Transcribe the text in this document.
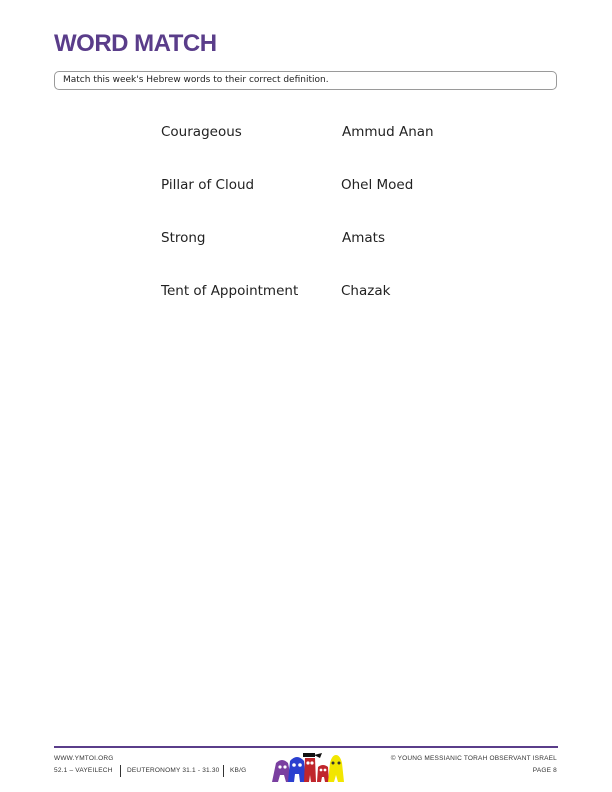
WORD MATCH
Match this week's Hebrew words to their correct definition.
Courageous
Pillar of Cloud
Strong
Tent of Appointment
Ammud Anan
Ohel Moed
Amats
Chazak
WWW.YMTOI.ORG
52.1 – VAYEILECH DEUTERONOMY 31.1 - 31.30 KB/G
© YOUNG MESSIANIC TORAH OBSERVANT ISRAEL
PAGE 8
